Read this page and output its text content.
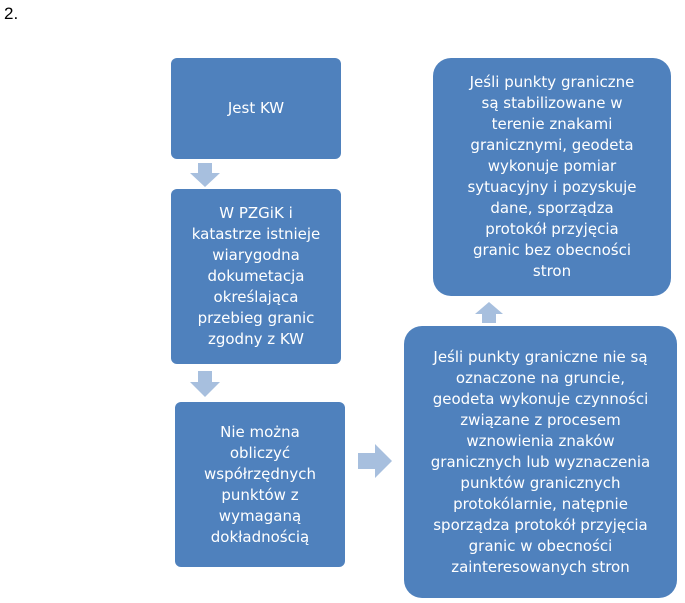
2.
Jest KW
W PZGiK i
katastrze istnieje
wiarygodna
dokumetacja
określająca
przebieg granic
zgodny z KW
Nie można
obliczyć
współrzędnych
punktów z
wymaganą
dokładnością
Jeśli punkty graniczne
są stabilizowane w
terenie znakami
granicznymi, geodeta
wykonuje pomiar
sytuacyjny i pozyskuje
dane, sporządza
protokół przyjęcia
granic bez obecności
stron
Jeśli punkty graniczne nie są
oznaczone na gruncie,
geodeta wykonuje czynności
związane z procesem
wznowienia znaków
granicznych lub wyznaczenia
punktów granicznych
protokólarnie, natępnie
sporządza protokół przyjęcia
granic w obecności
zainteresowanych stron
